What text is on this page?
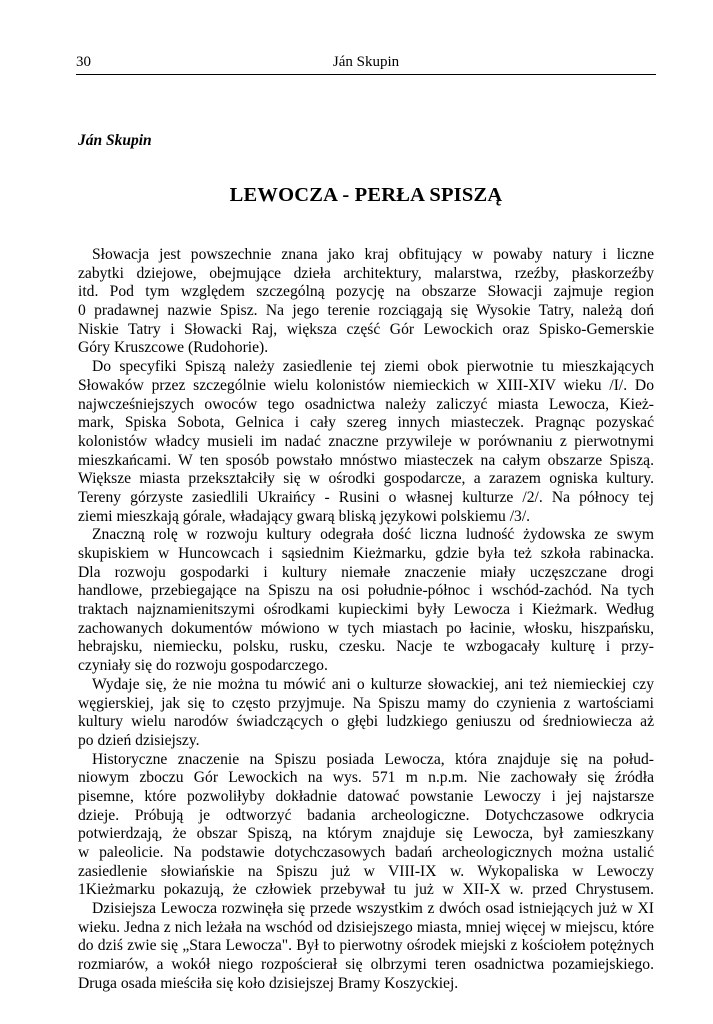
30	Ján Skupin
Ján Skupin
LEWOCZA - PERŁA SPISZĄ
Słowacja jest powszechnie znana jako kraj obfitujący w powaby natury i liczne
zabytki dziejowe, obejmujące dzieła architektury, malarstwa, rzeźby, płaskorzeźby
itd. Pod tym względem szczególną pozycję na obszarze Słowacji zajmuje region
0 pradawnej nazwie Spisz. Na jego terenie rozciągają się Wysokie Tatry, należą doń
Niskie Tatry i Słowacki Raj, większa część Gór Lewockich oraz Spisko-Gemerskie
Góry Kruszcowe (Rudohorie).
Do specyfiki Spiszą należy zasiedlenie tej ziemi obok pierwotnie tu mieszkających
Słowaków przez szczególnie wielu kolonistów niemieckich w XIII-XIV wieku /I/. Do
najwcześniejszych owoców tego osadnictwa należy zaliczyć miasta Lewocza, Kież-
mark, Spiska Sobota, Gelnica i cały szereg innych miasteczek. Pragnąc pozyskać
kolonistów władcy musieli im nadać znaczne przywileje w porównaniu z pierwotnymi
mieszkańcami. W ten sposób powstało mnóstwo miasteczek na całym obszarze Spiszą.
Większe miasta przekształciły się w ośrodki gospodarcze, a zarazem ogniska kultury.
Tereny górzyste zasiedlili Ukraińcy - Rusini o własnej kulturze /2/. Na północy tej
ziemi mieszkają górale, władający gwarą bliską językowi polskiemu /3/.
Znaczną rolę w rozwoju kultury odegrała dość liczna ludność żydowska ze swym
skupiskiem w Huncowcach i sąsiednim Kieżmarku, gdzie była też szkoła rabinacka.
Dla rozwoju gospodarki i kultury niemałe znaczenie miały uczęszczane drogi
handlowe, przebiegające na Spiszu na osi południe-północ i wschód-zachód. Na tych
traktach najznamienitszymi ośrodkami kupieckimi były Lewocza i Kieżmark. Według
zachowanych dokumentów mówiono w tych miastach po łacinie, włosku, hiszpańsku,
hebrajsku, niemiecku, polsku, rusku, czesku. Nacje te wzbogacały kulturę i przy-
czyniały się do rozwoju gospodarczego.
Wydaje się, że nie można tu mówić ani o kulturze słowackiej, ani też niemieckiej czy
węgierskiej, jak się to często przyjmuje. Na Spiszu mamy do czynienia z wartościami
kultury wielu narodów świadczących o głębi ludzkiego geniuszu od średniowiecza aż
po dzień dzisiejszy.
Historyczne znaczenie na Spiszu posiada Lewocza, która znajduje się na połud-
niowym zboczu Gór Lewockich na wys. 571 m n.p.m. Nie zachowały się źródła
pisemne, które pozwoliłyby dokładnie datować powstanie Lewoczy i jej najstarsze
dzieje. Próbują je odtworzyć badania archeologiczne. Dotychczasowe odkrycia
potwierdzają, że obszar Spiszą, na którym znajduje się Lewocza, był zamieszkany
w paleolicie. Na podstawie dotychczasowych badań archeologicznych można ustalić
zasiedlenie słowiańskie na Spiszu już w VIII-IX w. Wykopaliska w Lewoczy
1Kieżmarku pokazują, że człowiek przebywał tu już w XII-X w. przed Chrystusem.
Dzisiejsza Lewocza rozwinęła się przede wszystkim z dwóch osad istniejących już w XI
wieku. Jedna z nich leżała na wschód od dzisiejszego miasta, mniej więcej w miejscu, które
do dziś zwie się „Stara Lewocza". Był to pierwotny ośrodek miejski z kościołem potężnych
rozmiarów, a wokół niego rozpościerał się olbrzymi teren osadnictwa pozamiejskiego.
Druga osada mieściła się koło dzisiejszej Bramy Koszyckiej.
